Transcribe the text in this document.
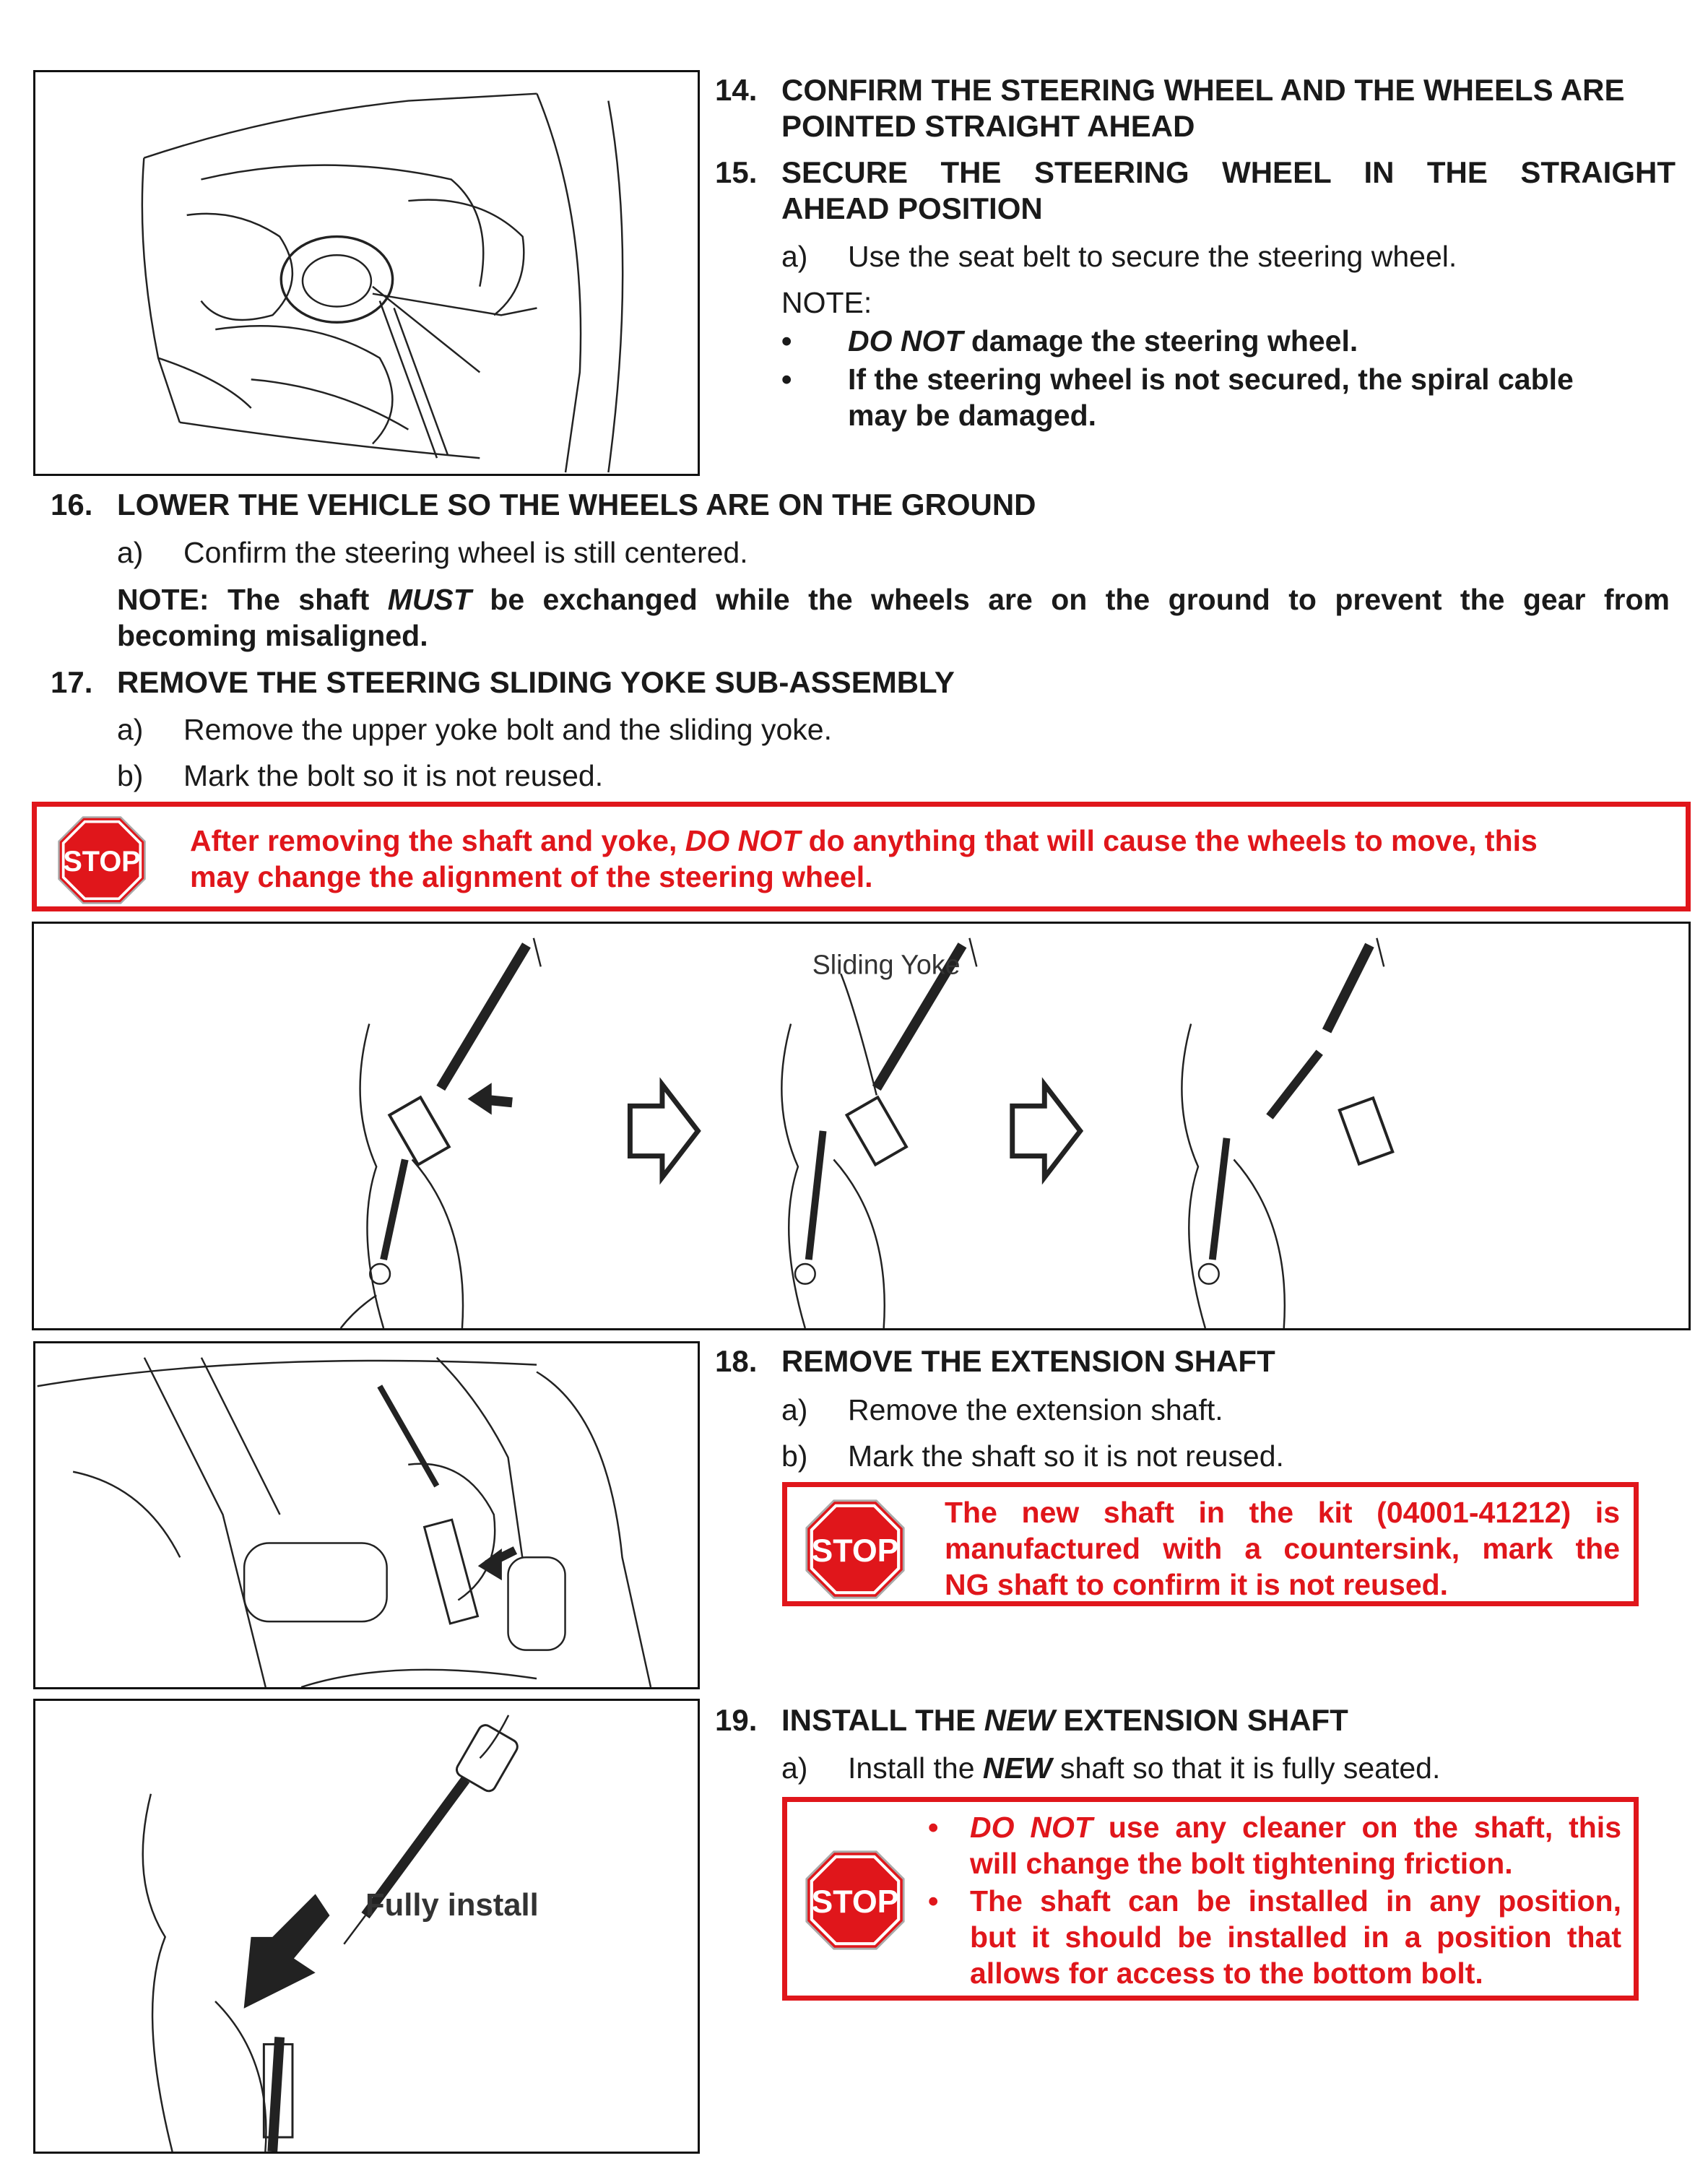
14. CONFIRM THE STEERING WHEEL AND THE WHEELS ARE POINTED STRAIGHT AHEAD
15. SECURE THE STEERING WHEEL IN THE STRAIGHT
AHEAD POSITION
a) Use the seat belt to secure the steering wheel.
NOTE:
• DO NOT damage the steering wheel.
• If the steering wheel is not secured, the spiral cable
may be damaged.
16. LOWER THE VEHICLE SO THE WHEELS ARE ON THE GROUND
a) Confirm the steering wheel is still centered.
NOTE: The shaft MUST be exchanged while the wheels are on the ground to prevent the gear from
becoming misaligned.
17. REMOVE THE STEERING SLIDING YOKE SUB-ASSEMBLY
a) Remove the upper yoke bolt and the sliding yoke.
b) Mark the bolt so it is not reused.
STOP
After removing the shaft and yoke, DO NOT do anything that will cause the wheels to move, this
may change the alignment of the steering wheel.
Sliding Yoke
18. REMOVE THE EXTENSION SHAFT
a) Remove the extension shaft.
b) Mark the shaft so it is not reused.
STOP
The new shaft in the kit (04001-41212) is
manufactured with a countersink, mark the
NG shaft to confirm it is not reused.
Fully install
19. INSTALL THE NEW EXTENSION SHAFT
a) Install the NEW shaft so that it is fully seated.
STOP
• DO NOT use any cleaner on the shaft, this
will change the bolt tightening friction.
• The shaft can be installed in any position,
but it should be installed in a position that
allows for access to the bottom bolt.
